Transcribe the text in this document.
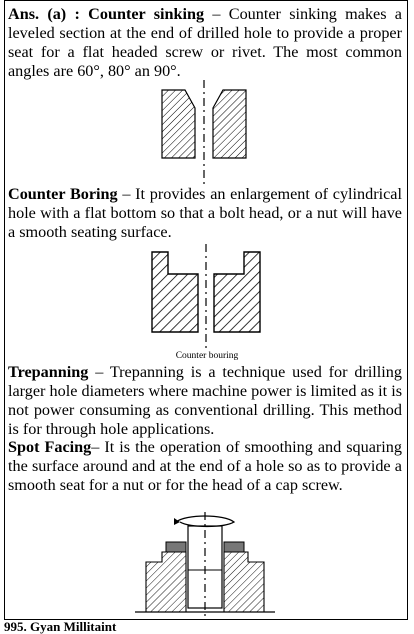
Ans. (a) : Counter sinking – Counter sinking makes a leveled section at the end of drilled hole to provide a proper seat for a flat headed screw or rivet. The most common angles are 60°, 80° an 90°.

Counter Boring – It provides an enlargement of cylindrical hole with a flat bottom so that a bolt head, or a nut will have a smooth seating surface.

Counter bouring

Trepanning – Trepanning is a technique used for drilling larger hole diameters where machine power is limited as it is not power consuming as conventional drilling. This method is for through hole applications.

Spot Facing– It is the operation of smoothing and squaring the surface around and at the end of a hole so as to provide a smooth seat for a nut or for the head of a cap screw.

995. Gyan Millitaint
